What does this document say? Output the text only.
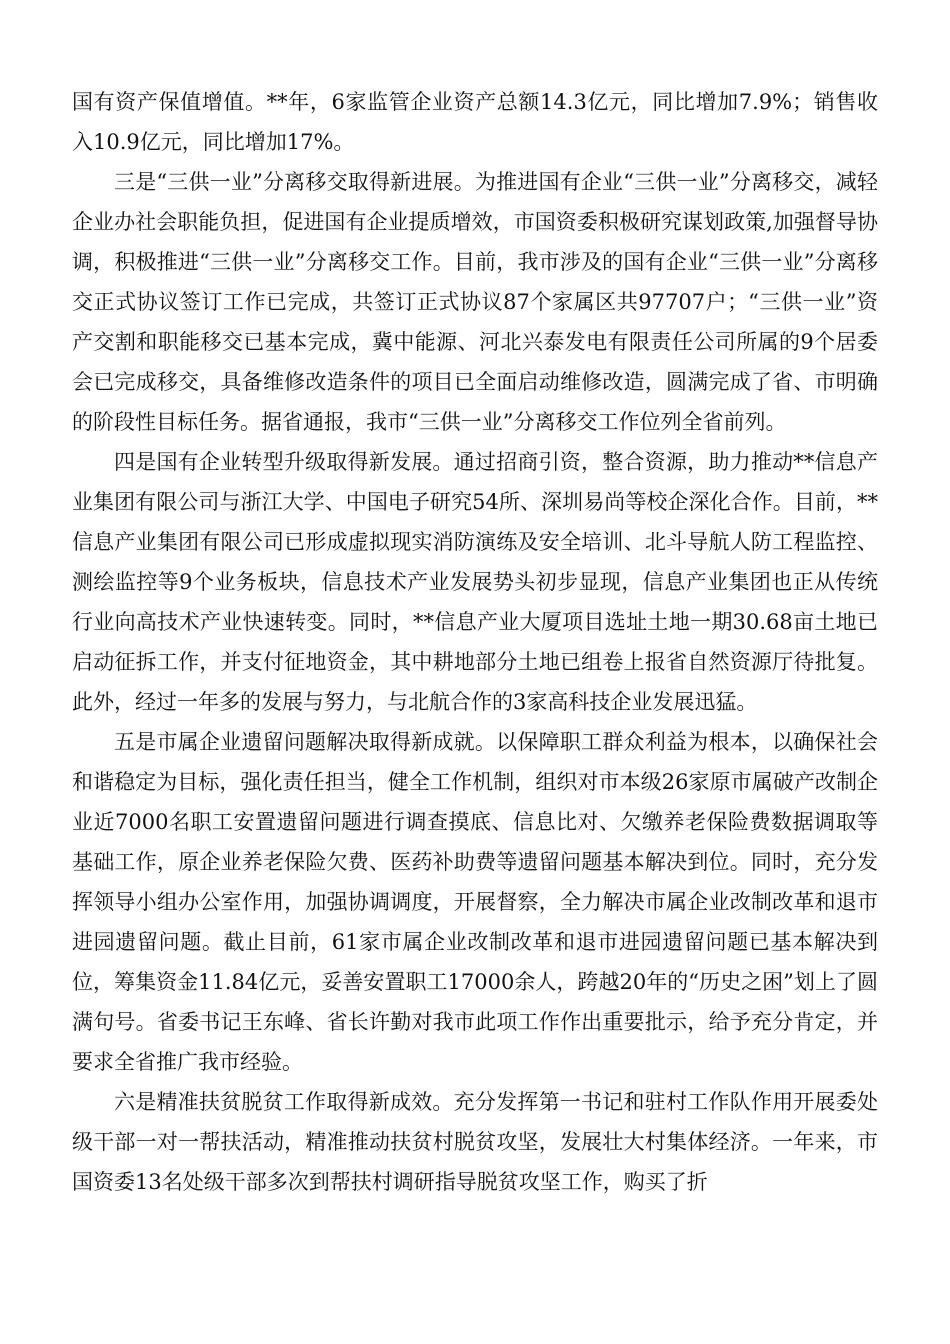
国有资产保值增值。**年，6家监管企业资产总额14.3亿元，同比增加7.9%；销售收入10.9亿元，同比增加17%。

三是“三供一业”分离移交取得新进展。为推进国有企业“三供一业”分离移交，减轻企业办社会职能负担，促进国有企业提质增效，市国资委积极研究谋划政策,加强督导协调，积极推进“三供一业”分离移交工作。目前，我市涉及的国有企业“三供一业”分离移交正式协议签订工作已完成，共签订正式协议87个家属区共97707户；“三供一业”资产交割和职能移交已基本完成，冀中能源、河北兴泰发电有限责任公司所属的9个居委会已完成移交，具备维修改造条件的项目已全面启动维修改造，圆满完成了省、市明确的阶段性目标任务。据省通报，我市“三供一业”分离移交工作位列全省前列。

四是国有企业转型升级取得新发展。通过招商引资，整合资源，助力推动**信息产业集团有限公司与浙江大学、中国电子研究54所、深圳易尚等校企深化合作。目前，**信息产业集团有限公司已形成虚拟现实消防演练及安全培训、北斗导航人防工程监控、测绘监控等9个业务板块，信息技术产业发展势头初步显现，信息产业集团也正从传统行业向高技术产业快速转变。同时，**信息产业大厦项目选址土地一期30.68亩土地已启动征拆工作，并支付征地资金，其中耕地部分土地已组卷上报省自然资源厅待批复。此外，经过一年多的发展与努力，与北航合作的3家高科技企业发展迅猛。

五是市属企业遗留问题解决取得新成就。以保障职工群众利益为根本，以确保社会和谐稳定为目标，强化责任担当，健全工作机制，组织对市本级26家原市属破产改制企业近7000名职工安置遗留问题进行调查摸底、信息比对、欠缴养老保险费数据调取等基础工作，原企业养老保险欠费、医药补助费等遗留问题基本解决到位。同时，充分发挥领导小组办公室作用，加强协调调度，开展督察，全力解决市属企业改制改革和退市进园遗留问题。截止目前，61家市属企业改制改革和退市进园遗留问题已基本解决到位，筹集资金11.84亿元，妥善安置职工17000余人，跨越20年的“历史之困”划上了圆满句号。省委书记王东峰、省长许勤对我市此项工作作出重要批示，给予充分肯定，并要求全省推广我市经验。

六是精准扶贫脱贫工作取得新成效。充分发挥第一书记和驻村工作队作用开展委处级干部一对一帮扶活动，精准推动扶贫村脱贫攻坚，发展壮大村集体经济。一年来，市国资委13名处级干部多次到帮扶村调研指导脱贫攻坚工作，购买了折
